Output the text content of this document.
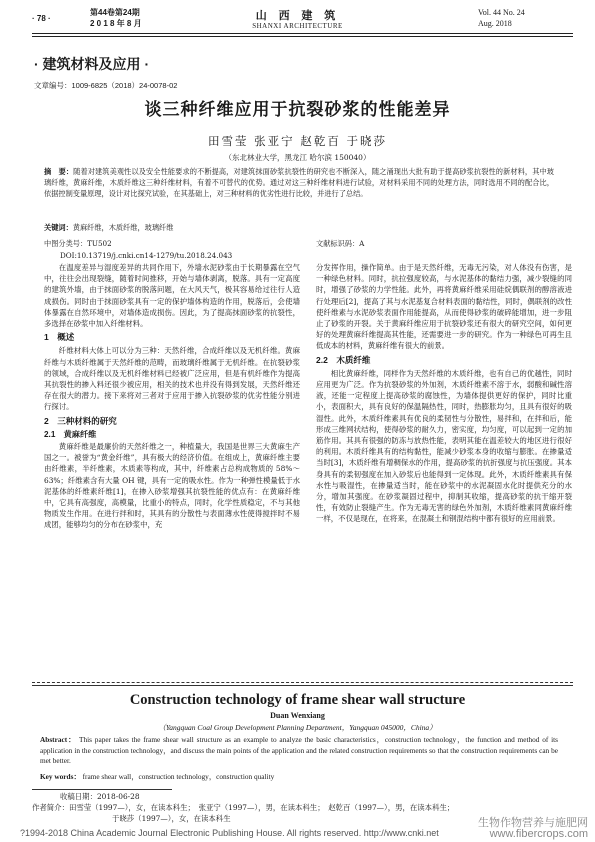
· 78 ·
第44卷第24期
2 0 1 8 年 8 月
山 西 建 筑
SHANXI ARCHITECTURE
Vol. 44 No. 24
Aug. 2018
· 建筑材料及应用 ·
文章编号：1009-6825（2018）24-0078-02
谈三种纤维应用于抗裂砂浆的性能差异
田雪莹 张亚宁 赵乾百 于晓莎
（东北林业大学，黑龙江 哈尔滨 150040）
摘　要：随着对建筑美观性以及安全性能要求的不断提高，对建筑抹面砂浆抗裂性的研究也不断深入，随之涌现出大批有助于提高砂浆抗裂性的新材料，其中玻璃纤维，黄麻纤维，木质纤维这三种纤维材料，有着不可替代的优势。通过对这三种纤维材料进行试验，对材料采用不同的处理方法，同时选用不同的配合比，依据控制变量原理，设计对比探究试验，在其基础上，对三种材料的优劣性进行比较，并进行了总结。
关键词：黄麻纤维，木质纤维，玻璃纤维
中图分类号：TU502	文献标识码：A
DOI:10.13719/j.cnki.cn14-1279/tu.2018.24.043

在温度差异与湿度差异的共同作用下，外墙水泥砂浆由于长期暴露在空气中，往往会出现裂缝，随着时间推移，开始与墙体剥离，脱落。具有一定高度的建筑外墙，由于抹面砂浆的脱落问题，在大风天气，极其容易给过往行人造成损伤。同时由于抹面砂浆具有一定的保护墙体构造的作用，脱落后，会使墙体暴露在自然环境中，对墙体造成损伤。因此，为了提高抹面砂浆的抗裂性，多选择在砂浆中加入纤维材料。

1　概述

纤维材料大体上可以分为三种：天然纤维，合成纤维以及无机纤维。黄麻纤维与木质纤维属于天然纤维的范畴，而玻璃纤维属于无机纤维。在抗裂砂浆的领域，合成纤维以及无机纤维材料已经被广泛应用，但是有机纤维作为提高其抗裂性的掺入料还很少被应用，相关的技术也并没有得到发展，天然纤维还存在很大的潜力。接下来将对三者对于应用于掺入抗裂砂浆的优劣性能分别进行探讨。

2　三种材料的研究
2.1　黄麻纤维

黄麻纤维是最廉价的天然纤维之一，种植量大，我国是世界三大黄麻生产国之一。被誉为“黄金纤维”，具有极大的经济价值。在组成上，黄麻纤维主要由纤维素，半纤维素，木质素等构成，其中，纤维素占总构成物质的 58%～63%；纤维素含有大量 OH 键，具有一定的吸水性。作为一种弹性模量低于水泥基体的纤维素纤维[1]，在掺入砂浆增强其抗裂性能的优点有：在黄麻纤维中，它具有高强度，高模量，比重小的特点，同时，化学性质稳定，不与其他物质发生作用。在进行拌和时，其具有的分散性与表面薄水性使得搅拌时不易成团，能够均匀的分布在砂浆中，充

分发挥作用，操作简单。由于是天然纤维，无毒无污染，对人体没有伤害，是一种绿色材料。同时，抗拉强度较高，与水泥基体的黏结力强，减少裂缝的同时，增强了砂浆的力学性能。此外，再将黄麻纤维采用硅烷偶联剂的醇溶液进行处理后[2]，提高了其与水泥基复合材料表面的黏结性，同时，偶联剂的改性使纤维素与水泥砂浆表面作用能提高，从而使得砂浆的破碎能增加，进一步阻止了砂浆的开裂。关于黄麻纤维应用于抗裂砂浆还有很大的研究空间，如何更好的处理黄麻纤维提高其性能，还需要进一步的研究。作为一种绿色可再生且低成本的材料，黄麻纤维有很大的前景。

2.2　木质纤维

相比黄麻纤维，同样作为天然纤维的木质纤维，也有自己的优越性，同时应用更为广泛。作为抗裂砂浆的外加剂，木质纤维素不溶于水，弱酸和碱性溶液，还能一定程度上提高砂浆的腐蚀性，为墙体提供更好的保护，同时比重小，表面积大，具有良好的保温隔热性，同时，热膨胀均匀，且具有很好的吸湿性。此外，木质纤维素具有优良的柔韧性与分散性，易拌和，在拌和后，能形成三维网状结构，使得砂浆的耐久力，密实度，均匀度，可以起到一定的加筋作用。其具有很强的防冻与放热性能，表明其能在温差较大的地区进行很好的利用。木质纤维具有的结构黏性，能减少砂浆本身的收缩与膨胀。在掺量适当时[3]，木质纤维有增稠保水的作用，提高砂浆的抗折强度与抗压强度。其本身具有的柔韧强度在加入砂浆后也能得到一定体现。此外，木质纤维素具有保水性与吸湿性，在掺量适当时，能在砂浆中的水泥凝固水化时提供充分的水分，增加其强度。在砂浆凝固过程中，抑制其收缩，提高砂浆的抗干缩开裂性，有效防止裂缝产生。作为无毒无害的绿色外加剂，木质纤维素同黄麻纤维一样，不仅是现在，在将来，在混凝土和钢混结构中都有很好的应用前景。

Construction technology of frame shear wall structure
Duan Wenxiang
（Yangquan Coal Group Development Planning Department，Yangquan 045000，China）
Abstract： This paper takes the frame shear wall structure as an example to analyze the basic characteristics，construction technology，the function and method of its application in the construction technology，and discuss the main points of the application and the related construction requirements so that the construction requirements can be met better.
Key words： frame shear wall，construction technology，construction quality
收稿日期：2018-06-28
作者简介：田雪莹（1997—），女，在读本科生；　张亚宁（1997—），男，在读本科生；　赵乾百（1997—），男，在读本科生；
于晓莎（1997—），女，在读本科生
?1994-2018 China Academic Journal Electronic Publishing House. All rights reserved. http://www.cnki.net
生物作物营养与施肥网 www.fibercrops.com
